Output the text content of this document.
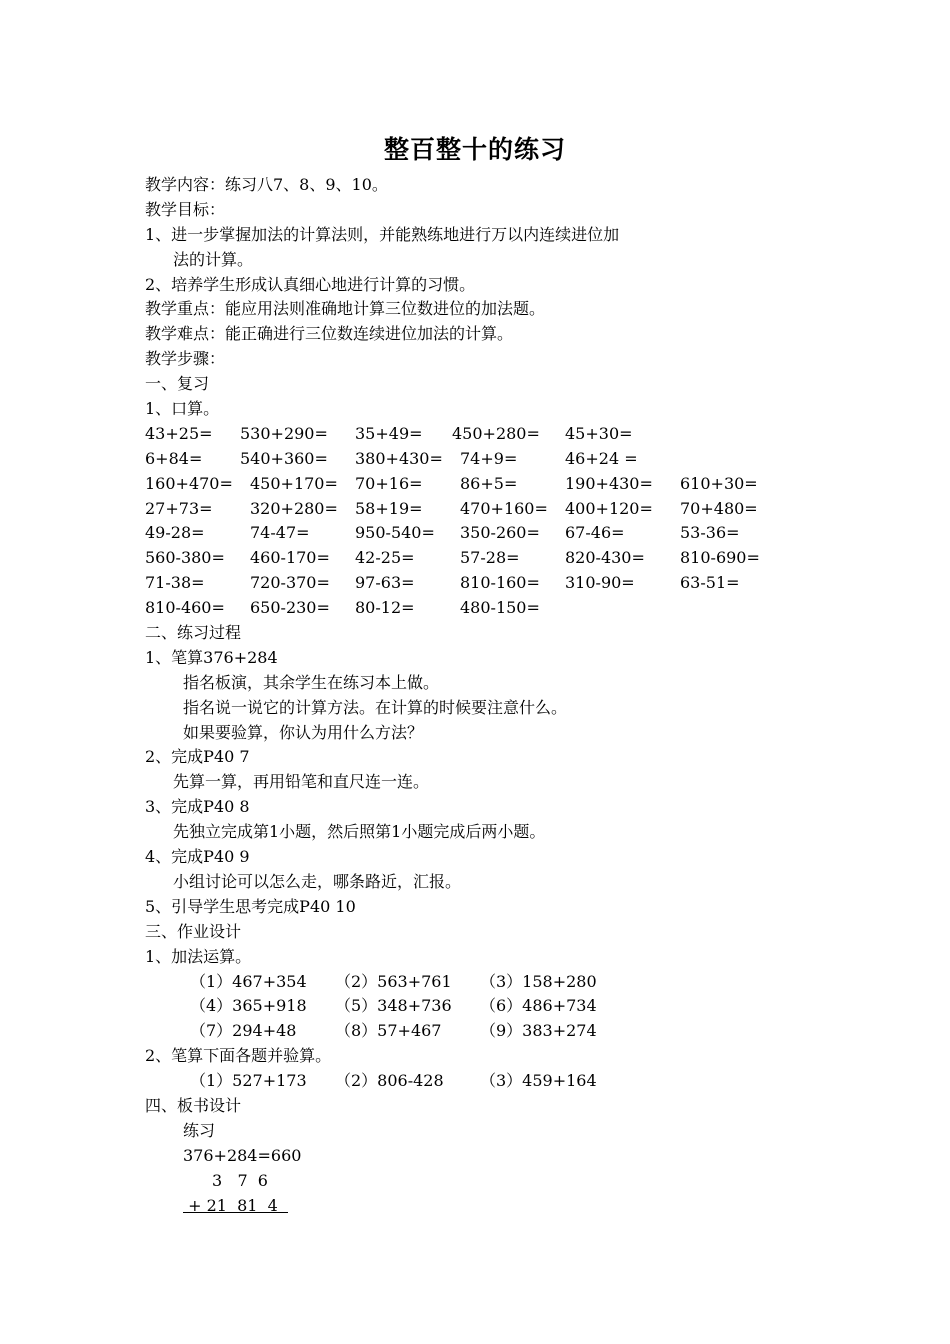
整百整十的练习
教学内容：练习八7、8、9、10。
教学目标：
1、进一步掌握加法的计算法则，并能熟练地进行万以内连续进位加
法的计算。
2、培养学生形成认真细心地进行计算的习惯。
教学重点：能应用法则准确地计算三位数进位的加法题。
教学难点：能正确进行三位数连续进位加法的计算。
教学步骤：
一、复习
1、口算。
43+25=	530+290=	35+49=	450+280=	45+30=
6+84=	540+360=	380+430=	74+9=	46+24 =
160+470=	450+170=	70+16=	86+5=	190+430=	610+30=
27+73=	320+280=	58+19=	470+160=	400+120=	70+480=
49-28=	74-47=	950-540=	350-260=	67-46=	53-36=
560-380=	460-170=	42-25=	57-28=	820-430=	810-690=
71-38=	720-370=	97-63=	810-160=	310-90=	63-51=
810-460=	650-230=	80-12=	480-150=
二、练习过程
1、笔算376+284
指名板演，其余学生在练习本上做。
指名说一说它的计算方法。在计算的时候要注意什么。
如果要验算，你认为用什么方法？
2、完成P40 7
先算一算，再用铅笔和直尺连一连。
3、完成P40 8
先独立完成第1小题，然后照第1小题完成后两小题。
4、完成P40 9
小组讨论可以怎么走，哪条路近，汇报。
5、引导学生思考完成P40 10
三、作业设计
1、加法运算。
（1）467+354 （2）563+761 （3）158+280
（4）365+918 （5）348+736 （6）486+734
（7）294+48 （8）57+467 （9）383+274
2、笔算下面各题并验算。
（1）527+173 （2）806-428 （3）459+164
四、板书设计
练习
376+284=660
3   7  6
+ 21  81  4
